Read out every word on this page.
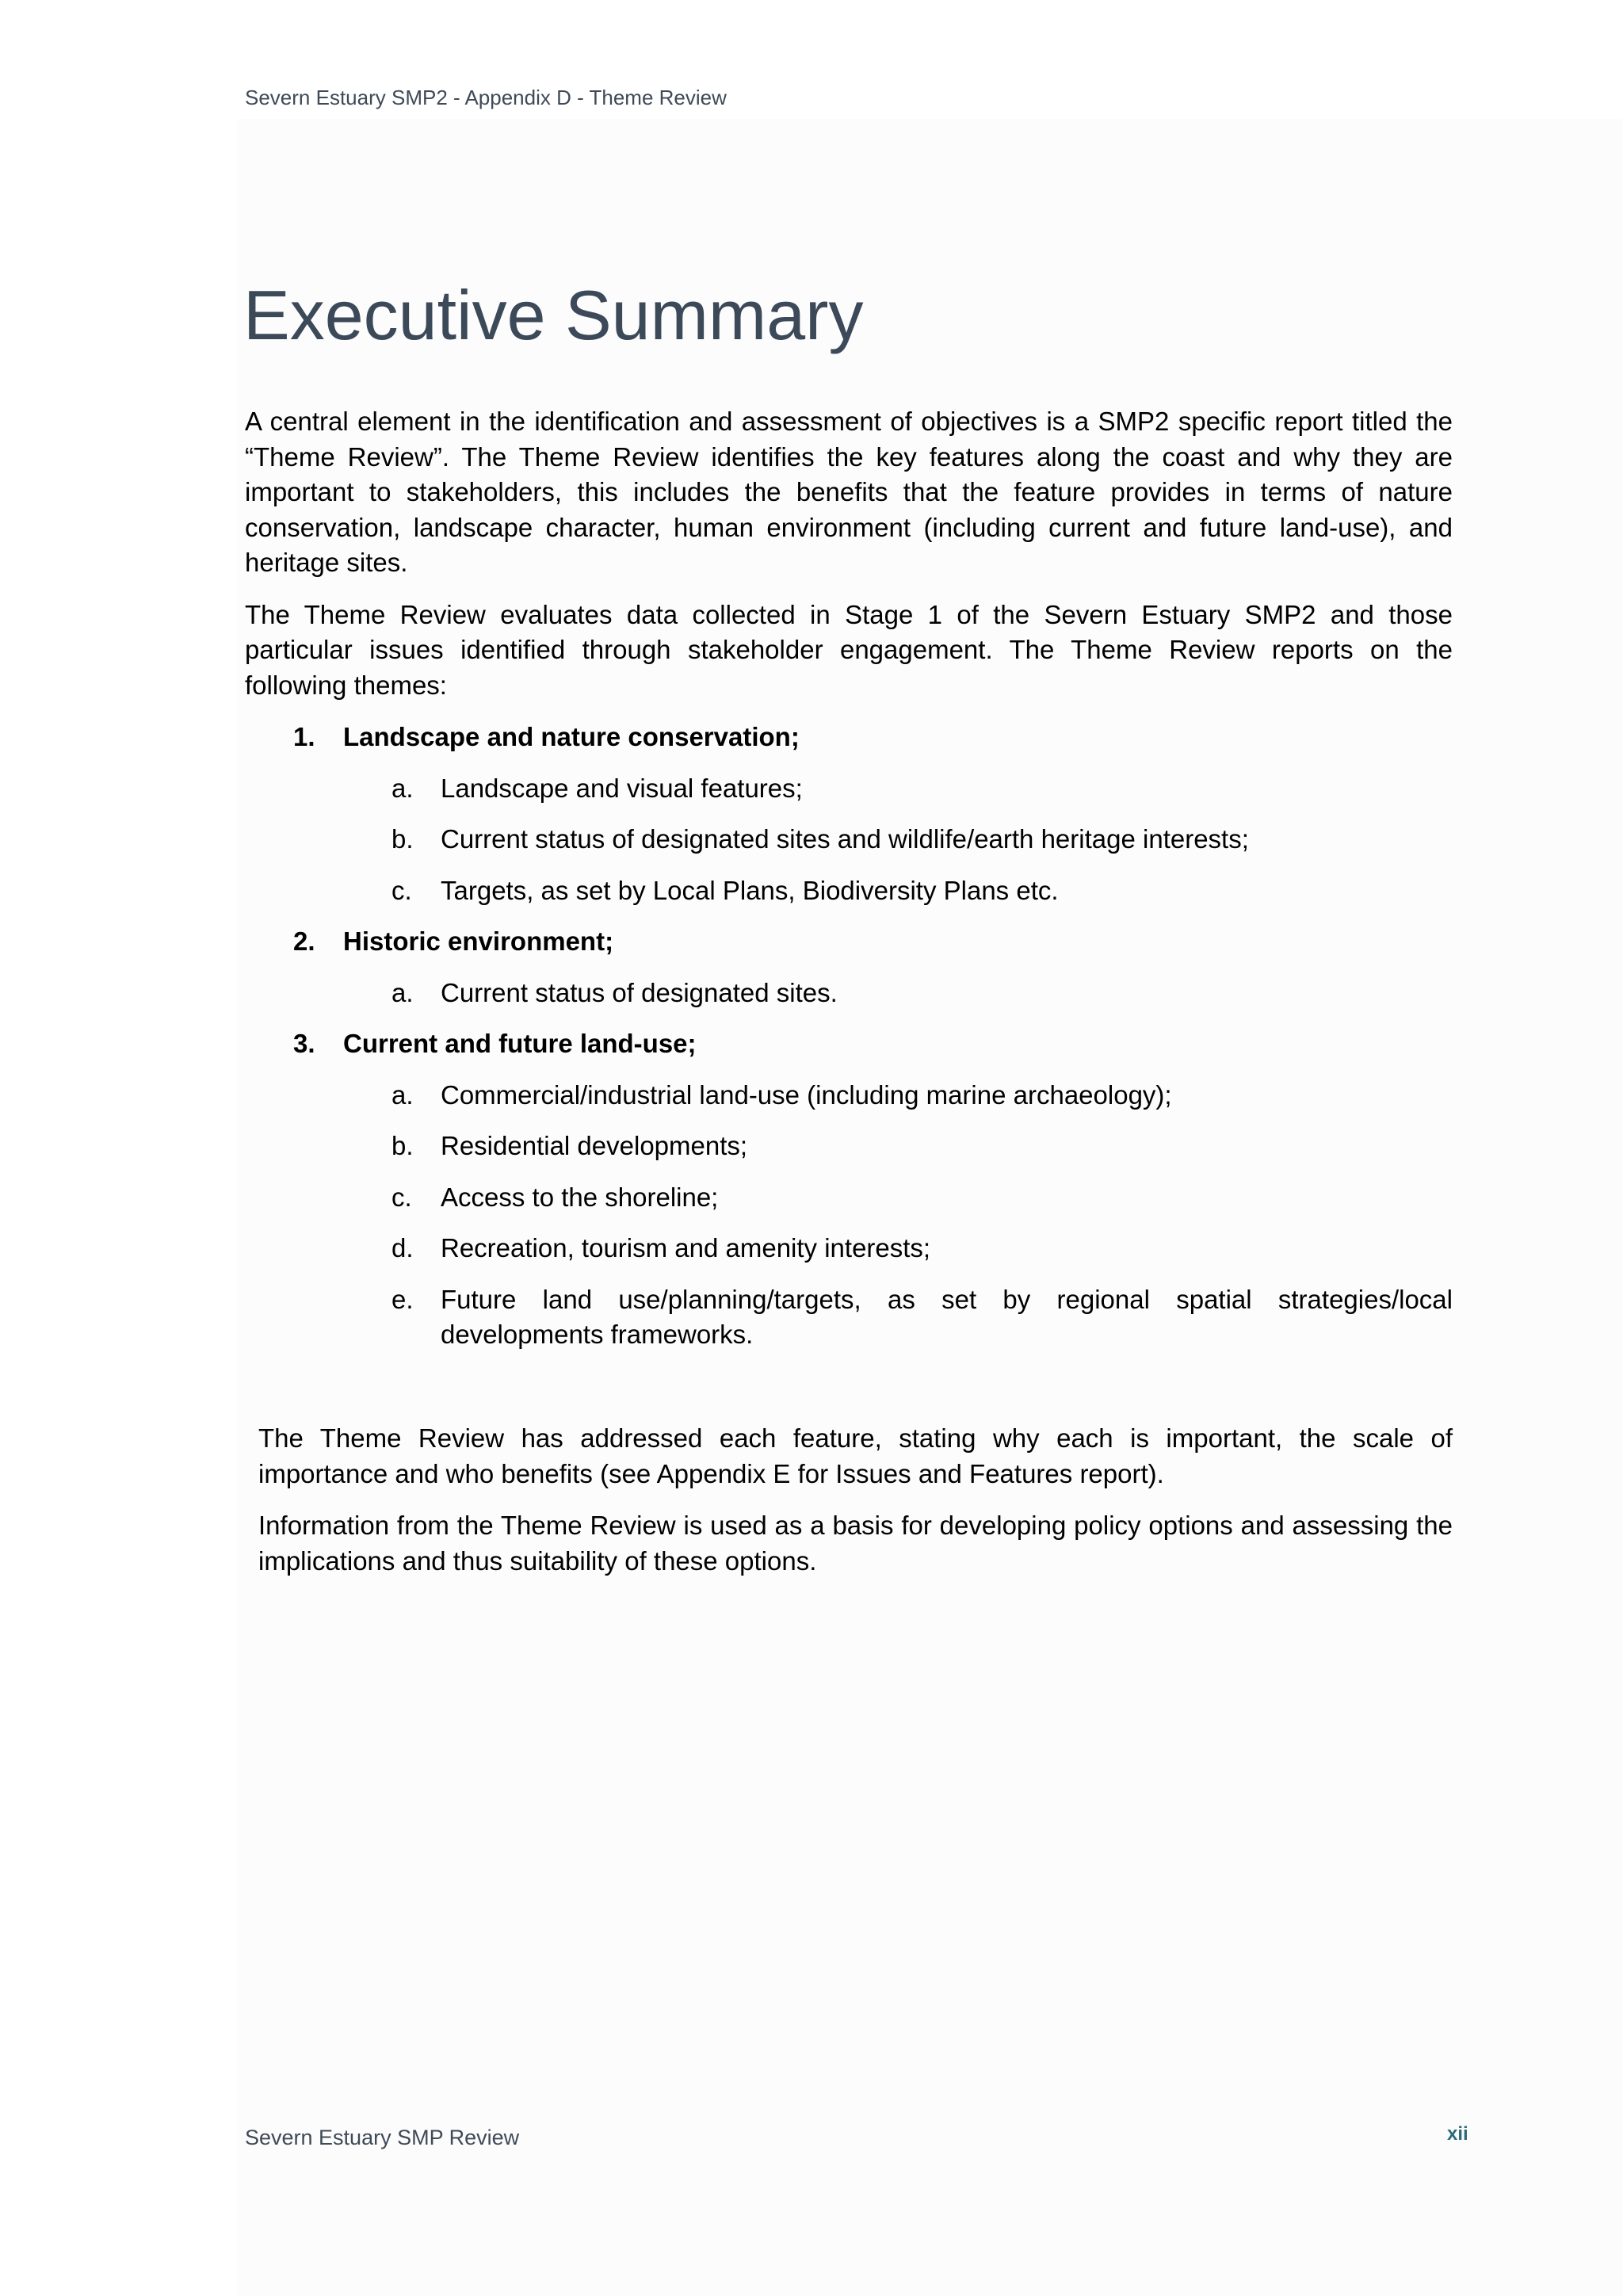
Severn Estuary SMP2 - Appendix D - Theme Review
Executive Summary

A central element in the identification and assessment of objectives is a SMP2 specific report titled the “Theme Review”. The Theme Review identifies the key features along the coast and why they are important to stakeholders, this includes the benefits that the feature provides in terms of nature conservation, landscape character, human environment (including current and future land-use), and heritage sites.

The Theme Review evaluates data collected in Stage 1 of the Severn Estuary SMP2 and those particular issues identified through stakeholder engagement. The Theme Review reports on the following themes:

1. Landscape and nature conservation;
a. Landscape and visual features;
b. Current status of designated sites and wildlife/earth heritage interests;
c. Targets, as set by Local Plans, Biodiversity Plans etc.
2. Historic environment;
a. Current status of designated sites.
3. Current and future land-use;
a. Commercial/industrial land-use (including marine archaeology);
b. Residential developments;
c. Access to the shoreline;
d. Recreation, tourism and amenity interests;
e. Future land use/planning/targets, as set by regional spatial strategies/local developments frameworks.

The Theme Review has addressed each feature, stating why each is important, the scale of importance and who benefits (see Appendix E for Issues and Features report).

Information from the Theme Review is used as a basis for developing policy options and assessing the implications and thus suitability of these options.

Severn Estuary SMP Review	xii
